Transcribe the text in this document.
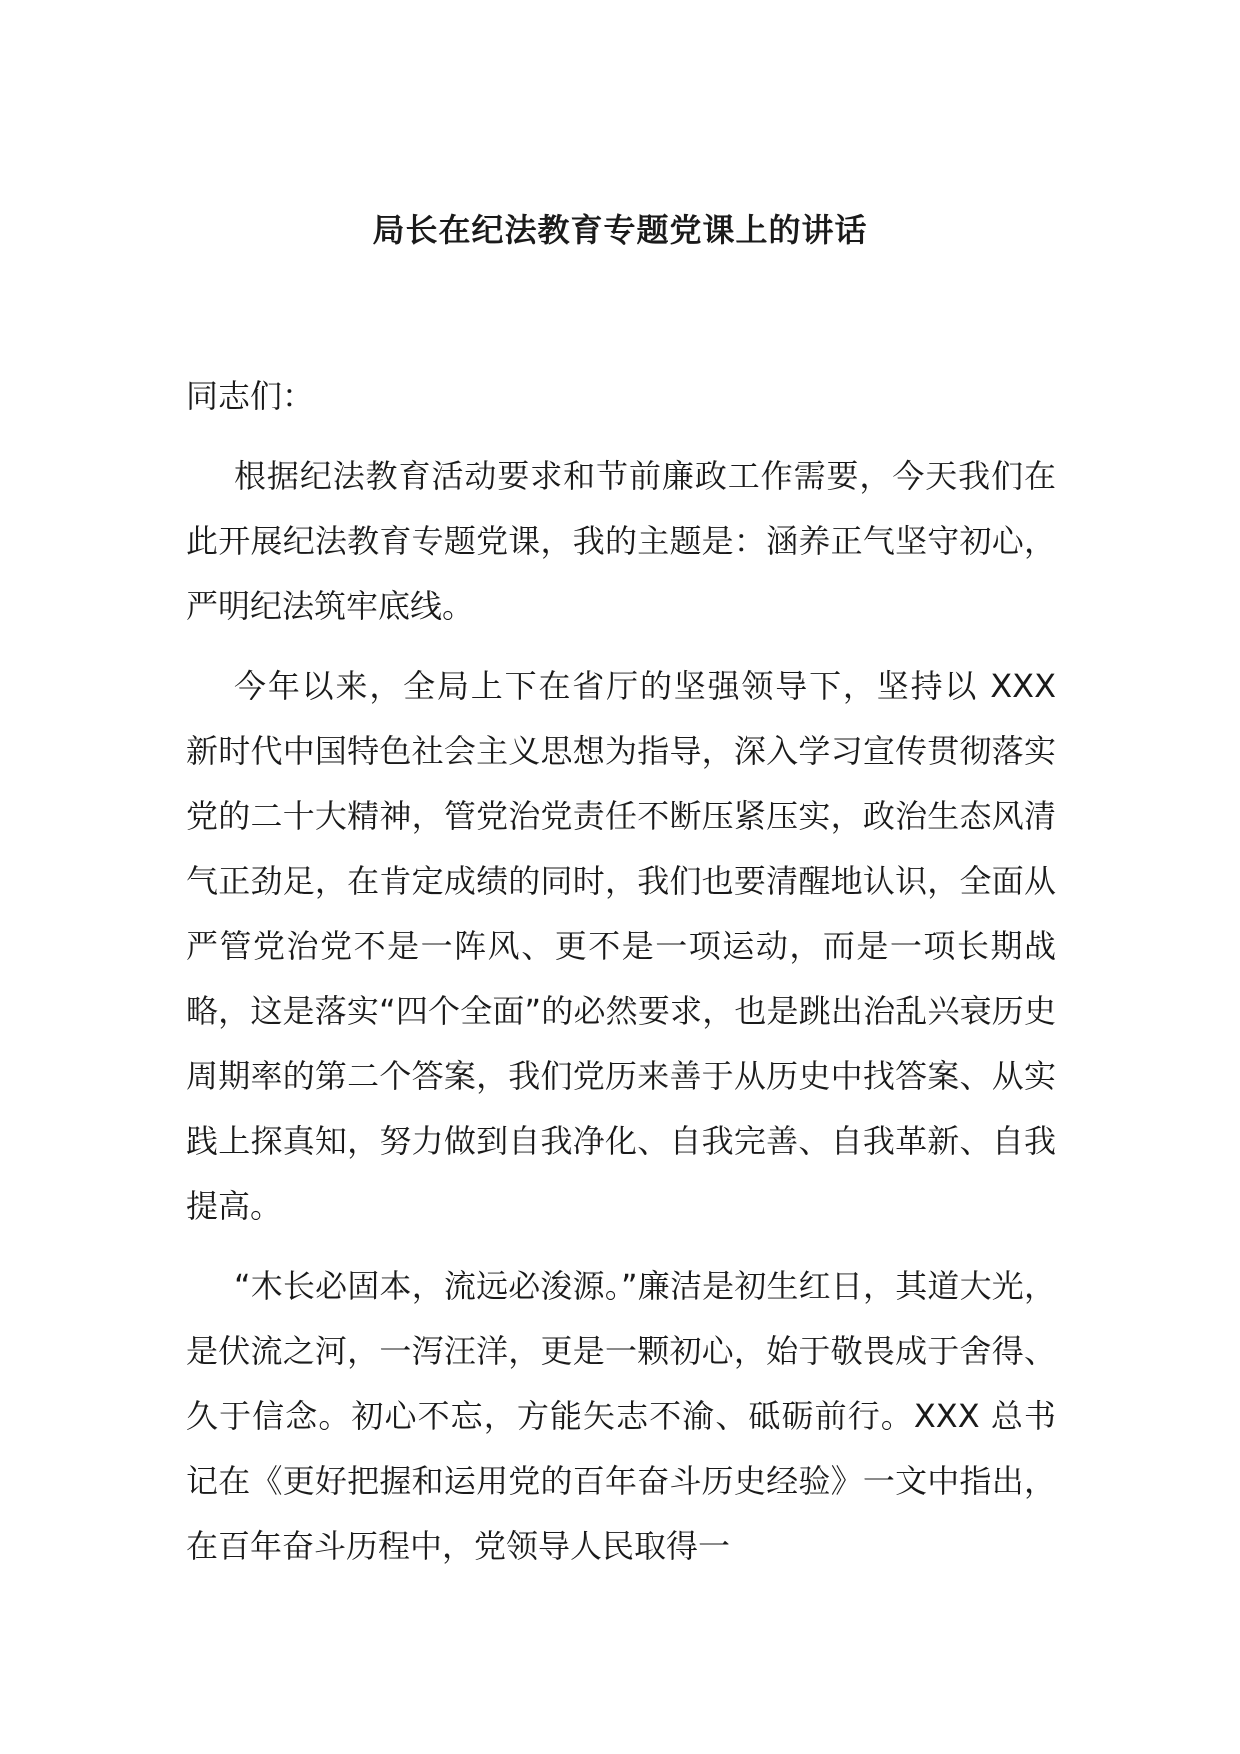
局长在纪法教育专题党课上的讲话

同志们：

根据纪法教育活动要求和节前廉政工作需要，今天我们在此开展纪法教育专题党课，我的主题是：涵养正气坚守初心，严明纪法筑牢底线。

今年以来，全局上下在省厅的坚强领导下，坚持以 XXX 新时代中国特色社会主义思想为指导，深入学习宣传贯彻落实党的二十大精神，管党治党责任不断压紧压实，政治生态风清气正劲足，在肯定成绩的同时，我们也要清醒地认识，全面从严管党治党不是一阵风、更不是一项运动，而是一项长期战略，这是落实“四个全面”的必然要求，也是跳出治乱兴衰历史周期率的第二个答案，我们党历来善于从历史中找答案、从实践上探真知，努力做到自我净化、自我完善、自我革新、自我提高。

“木长必固本，流远必浚源。”廉洁是初生红日，其道大光，是伏流之河，一泻汪洋，更是一颗初心，始于敬畏成于舍得、久于信念。初心不忘，方能矢志不渝、砥砺前行。XXX 总书记在《更好把握和运用党的百年奋斗历史经验》一文中指出，在百年奋斗历程中，党领导人民取得一
